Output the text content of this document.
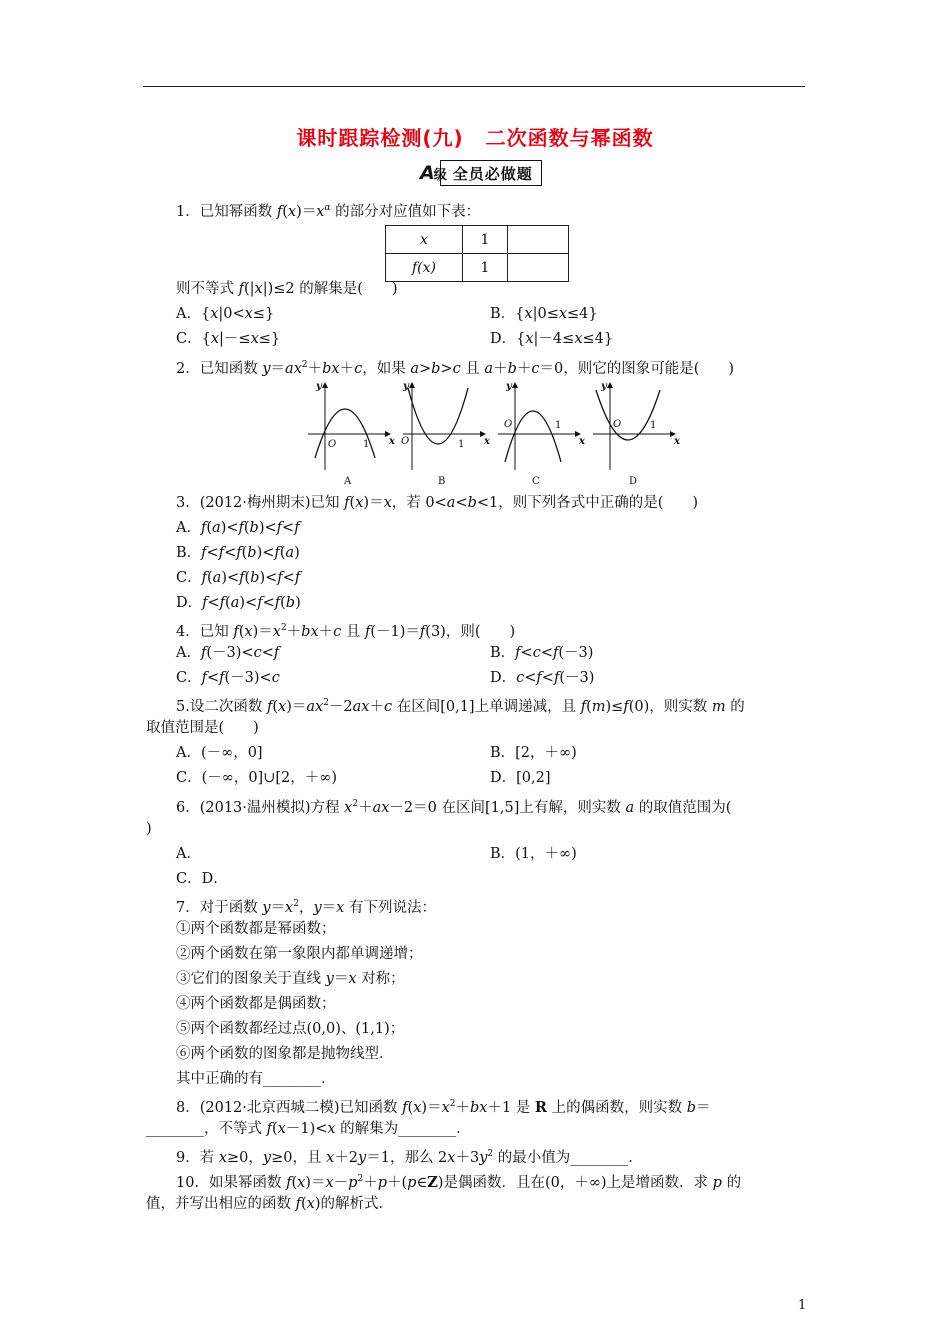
课时跟踪检测(九) 二次函数与幂函数
A级 全员必做题
1．已知幂函数 $f(x)=x^\alpha$ 的部分对应值如下表：
x	1	
f(x)	1	
则不等式 f(|x|)≤2 的解集是(　　)
A．{x|0<x≤}	B．{x|0≤x≤4}
C．{x|－≤x≤}	D．{x|－4≤x≤4}
2．已知函数 $y=ax^2+bx+c$，如果 a>b>c 且 a＋b＋c＝0，则它的图象可能是(　　)
y
x
O	1
A
y
x
O	1
B
y
x
O	1
C
y
x
O	1
D
3．(2012·梅州期末)已知 f(x)＝x，若 0<a<b<1，则下列各式中正确的是(　　)
A．f(a)<f(b)<f<f
B．f<f<f(b)<f(a)
C．f(a)<f(b)<f<f
D．f<f(a)<f<f(b)
4．已知 $f(x)=x^2+bx+c$ 且 f(－1)＝f(3)，则(　　)
A．f(－3)<c<f	B．f<c<f(－3)
C．f<f(－3)<c	D．c<f<f(－3)
5.设二次函数 $f(x)=ax^2-2ax+c$ 在区间[0,1]上单调递减，且 f(m)≤f(0)，则实数 m 的
取值范围是(　　)
A．(－∞，0]	B．[2，＋∞)
C．(－∞，0]∪[2，＋∞)	D．[0,2]
6．(2013·温州模拟)方程 $x^2+ax-2=0$ 在区间[1,5]上有解，则实数 a 的取值范围为(
)
A．	B．(1，＋∞)
C．D．
7．对于函数 $y=x^2$，y＝x 有下列说法：
①两个函数都是幂函数；
②两个函数在第一象限内都单调递增；
③它们的图象关于直线 y＝x 对称；
④两个函数都是偶函数；
⑤两个函数都经过点(0,0)、(1,1)；
⑥两个函数的图象都是抛物线型．
其中正确的有________．
8．(2012·北京西城二模)已知函数 $f(x)=x^2+bx+1$ 是 R 上的偶函数，则实数 b＝
________，不等式 f(x－1)<x 的解集为________．
9．若 x≥0，y≥0，且 x＋2y＝1，那么 $2x+3y^2$ 的最小值为________．
10．如果幂函数 $f(x)=x-p^2+p+(p\in Z)$是偶函数．且在(0，＋∞)上是增函数．求 p 的
值，并写出相应的函数 f(x)的解析式．
1
